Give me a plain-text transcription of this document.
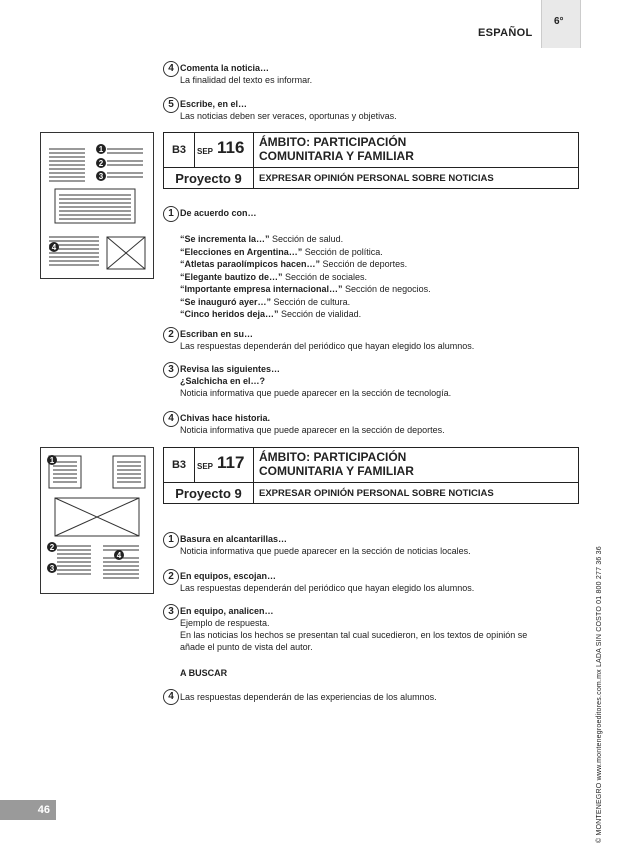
ESPAÑOL
6°
4 Comenta la noticia…
La finalidad del texto es informar.
5 Escribe, en el…
Las noticias deben ser veraces, oportunas y objetivas.
1
2
3
4
B3	SEP 116 ÁMBITO: PARTICIPACIÓN
COMUNITARIA Y FAMILIAR
Proyecto 9	EXPRESAR OPINIÓN PERSONAL SOBRE NOTICIAS
1 De acuerdo con…
“Se incrementa la…” Sección de salud.
“Elecciones en Argentina…” Sección de política.
“Atletas paraolímpicos hacen…” Sección de deportes.
“Elegante bautizo de…” Sección de sociales.
“Importante empresa internacional…” Sección de negocios.
“Se inauguró ayer…” Sección de cultura.
“Cinco heridos deja…” Sección de vialidad.
2 Escriban en su…
Las respuestas dependerán del periódico que hayan elegido los alumnos.
3 Revisa las siguientes…
¿Salchicha en el…?
Noticia informativa que puede aparecer en la sección de tecnología.
4 Chivas hace historia.
Noticia informativa que puede aparecer en la sección de deportes.
1
2
3
4
B3	SEP 117 ÁMBITO: PARTICIPACIÓN
COMUNITARIA Y FAMILIAR
Proyecto 9	EXPRESAR OPINIÓN PERSONAL SOBRE NOTICIAS
1 Basura en alcantarillas…
Noticia informativa que puede aparecer en la sección de noticias locales.
2 En equipos, escojan…
Las respuestas dependerán del periódico que hayan elegido los alumnos.
3 En equipo, analicen…
Ejemplo de respuesta.
En las noticias los hechos se presentan tal cual sucedieron, en los textos de opinión se
añade el punto de vista del autor.
A BUSCAR
4 Las respuestas dependerán de las experiencias de los alumnos.	© MONTENEGRO www.montenegroeditores.com.mx LADA SIN COSTO 01 800 277 36 36
46
